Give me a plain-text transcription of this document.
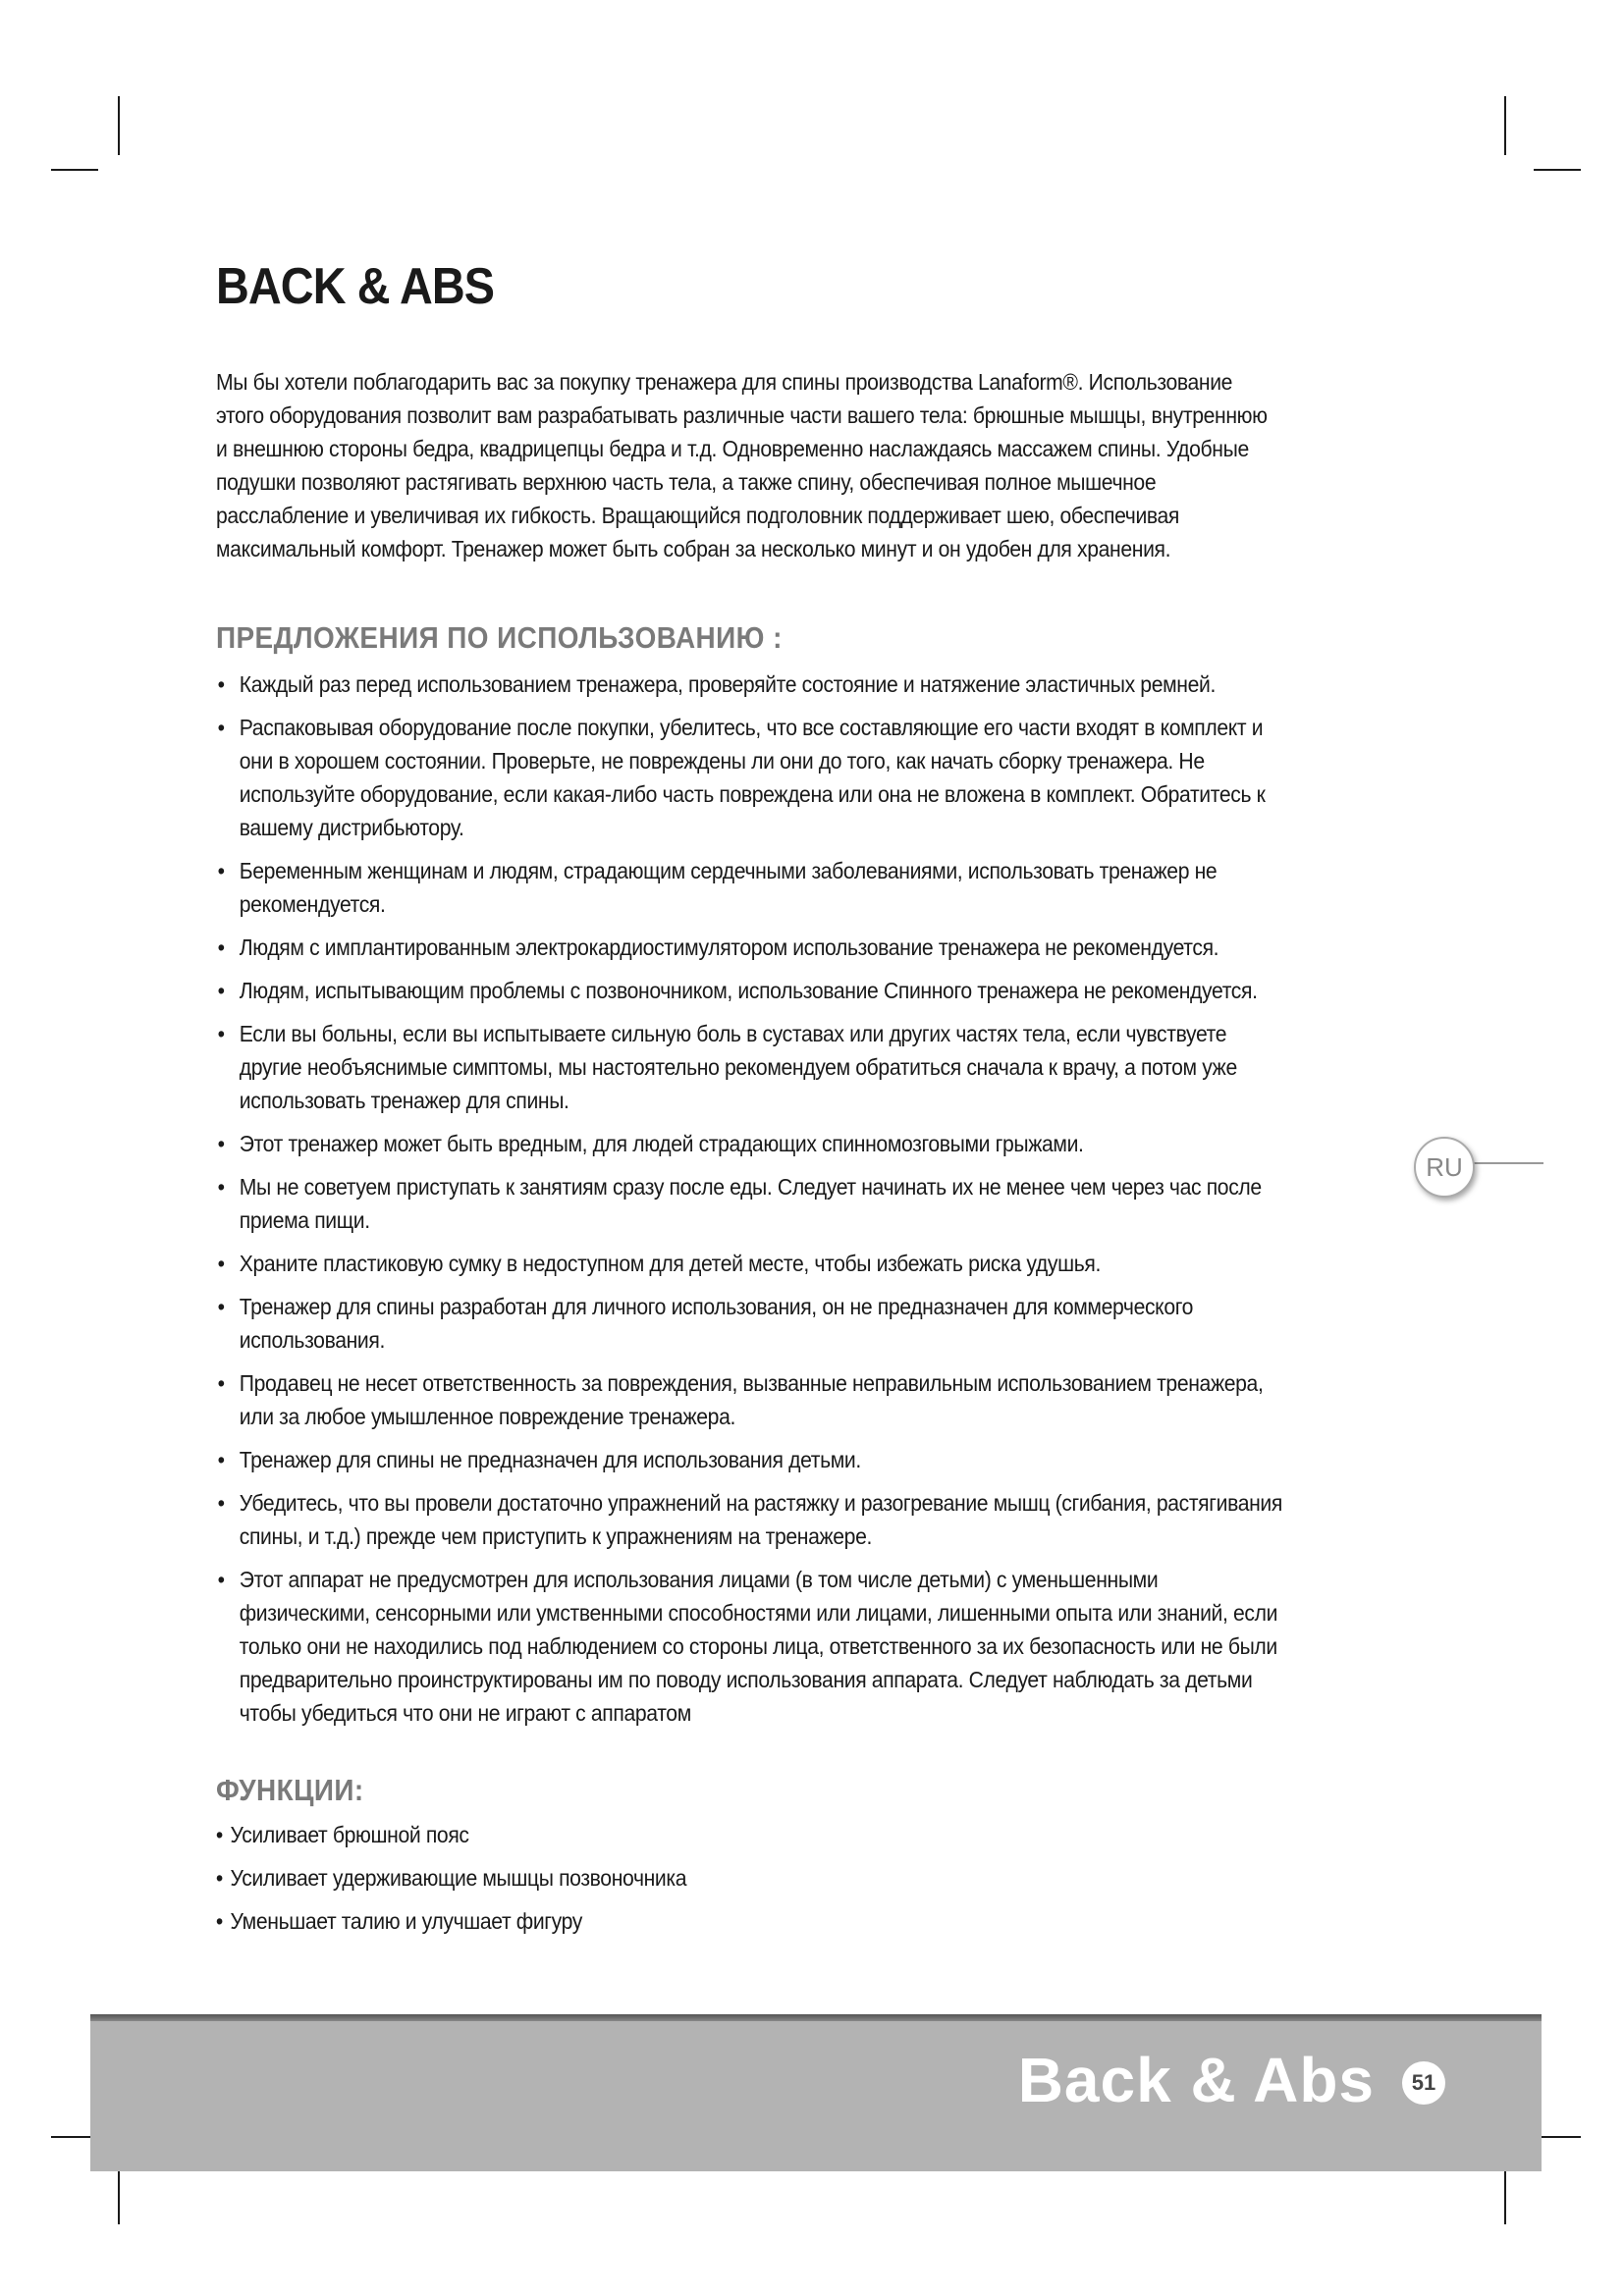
BACK & ABS

Мы бы хотели поблагодарить вас за покупку тренажера для спины производства Lanaform®. Использование этого оборудования позволит вам разрабатывать различные части вашего тела: брюшные мышцы, внутреннюю и внешнюю стороны бедра, квадрицепцы бедра и т.д. Одновременно наслаждаясь массажем спины. Удобные подушки позволяют растягивать верхнюю часть тела, а также спину, обеспечивая полное мышечное расслабление и увеличивая их гибкость. Вращающийся подголовник поддерживает шею, обеспечивая максимальный комфорт. Тренажер может быть собран за несколько минут и он удобен для хранения.

ПРЕДЛОЖЕНИЯ ПО ИСПОЛЬЗОВАНИЮ :
• Каждый раз перед использованием тренажера, проверяйте состояние и натяжение эластичных ремней.
• Распаковывая оборудование после покупки, убелитесь, что все составляющие его части входят в комплект и они в хорошем состоянии. Проверьте, не повреждены ли они до того, как начать сборку тренажера. Не используйте оборудование, если какая-либо часть повреждена или она не вложена в комплект. Обратитесь к вашему дистрибьютору.
• Беременным женщинам и людям, страдающим сердечными заболеваниями, использовать тренажер не рекомендуется.
• Людям с имплантированным электрокардиостимулятором использование тренажера не рекомендуется.
• Людям, испытывающим проблемы с позвоночником, использование Спинного тренажера не рекомендуется.
• Если вы больны, если вы испытываете сильную боль в суставах или других частях тела, если чувствуете другие необъяснимые симптомы, мы настоятельно рекомендуем обратиться сначала к врачу, а потом уже использовать тренажер для спины.
• Этот тренажер может быть вредным, для людей страдающих спинномозговыми грыжами.
• Мы не советуем приступать к занятиям сразу после еды. Следует начинать их не менее чем через час после приема пищи.
• Храните пластиковую сумку в недоступном для детей месте, чтобы избежать риска удушья.
• Тренажер для спины разработан для личного использования, он не предназначен для коммерческого использования.
• Продавец не несет ответственность за повреждения, вызванные неправильным использованием тренажера, или за любое умышленное повреждение тренажера.
• Тренажер для спины не предназначен для использования детьми.
• Убедитесь, что вы провели достаточно упражнений на растяжку и разогревание мышц (сгибания, растягивания спины, и т.д.) прежде чем приступить к упражнениям на тренажере.
• Этот аппарат не предусмотрен для использования лицами (в том числе детьми) с уменьшенными физическими, сенсорными или умственными способностями или лицами, лишенными опыта или знаний, если только они не находились под наблюдением со стороны лица, ответственного за их безопасность или не были предварительно проинструктированы им по поводу использования аппарата. Следует наблюдать за детьми чтобы убедиться что они не играют с аппаратом
ФУНКЦИИ:
• Усиливает брюшной пояс
• Усиливает удерживающие мышцы позвоночника
• Уменьшает талию и улучшает фигуру
RU
Back & Abs	51
